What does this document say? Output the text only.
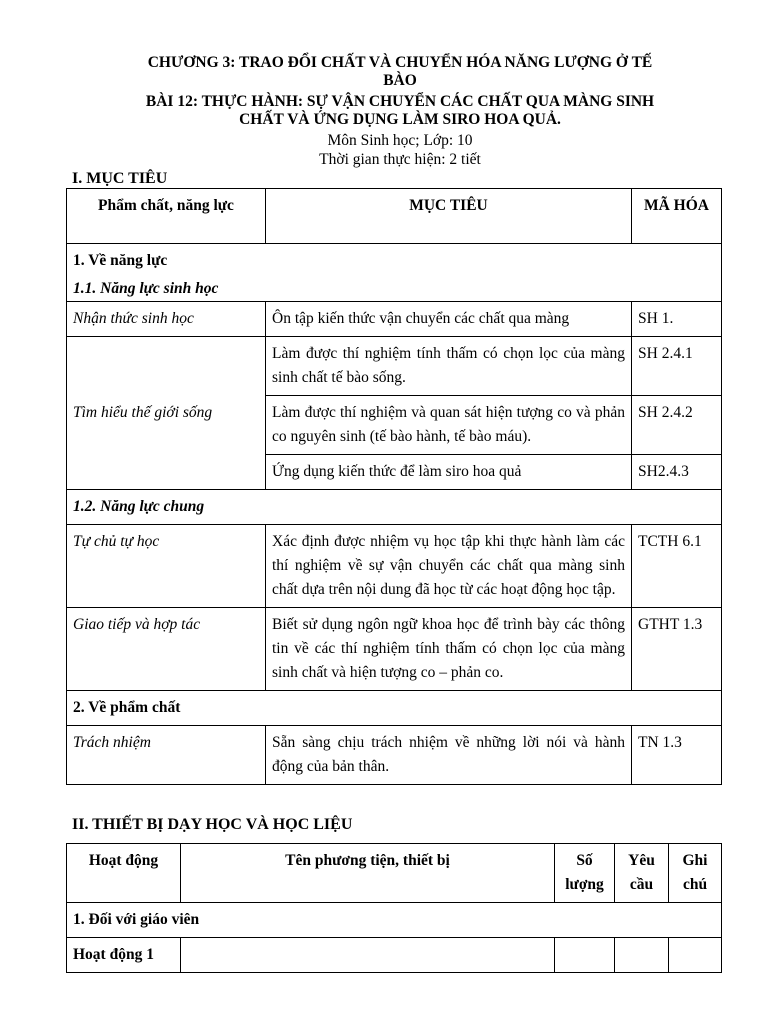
CHƯƠNG 3: TRAO ĐỔI CHẤT VÀ CHUYỂN HÓA NĂNG LƯỢNG Ở TẾ
BÀO
BÀI 12: THỰC HÀNH: SỰ VẬN CHUYỂN CÁC CHẤT QUA MÀNG SINH
CHẤT VÀ ỨNG DỤNG LÀM SIRO HOA QUẢ.
Môn Sinh học; Lớp: 10
Thời gian thực hiện: 2 tiết
I. MỤC TIÊU
Phẩm chất, năng lực	MỤC TIÊU	MÃ HÓA

1. Về năng lực
1.1. Năng lực sinh học		

Nhận thức sinh học	Ôn tập kiến thức vận chuyển các chất qua màng	SH 1.
Tìm hiểu thế giới sống	Làm được thí nghiệm tính thấm có chọn lọc của màng sinh chất tế bào sống.	SH 2.4.1
	Làm được thí nghiệm và quan sát hiện tượng co và phản co nguyên sinh (tế bào hành, tế bào máu).	SH 2.4.2
	Ứng dụng kiến thức để làm siro hoa quả	SH2.4.3
1.2. Năng lực chung		
Tự chủ tự học	Xác định được nhiệm vụ học tập khi thực hành làm các thí nghiệm về sự vận chuyển các chất qua màng sinh chất dựa trên nội dung đã học từ các hoạt động học tập.	TCTH 6.1
Giao tiếp và hợp tác	Biết sử dụng ngôn ngữ khoa học để trình bày các thông tin về các thí nghiệm tính thấm có chọn lọc của màng sinh chất và hiện tượng co – phản co.	GTHT 1.3
2. Về phẩm chất		
Trách nhiệm	Sẵn sàng chịu trách nhiệm về những lời nói và hành động của bản thân.	TN 1.3
II. THIẾT BỊ DẠY HỌC VÀ HỌC LIỆU
Hoạt động	Tên phương tiện, thiết bị	Số lượng	Yêu cầu	Ghi chú
1. Đối với giáo viên				
Hoạt động 1				
